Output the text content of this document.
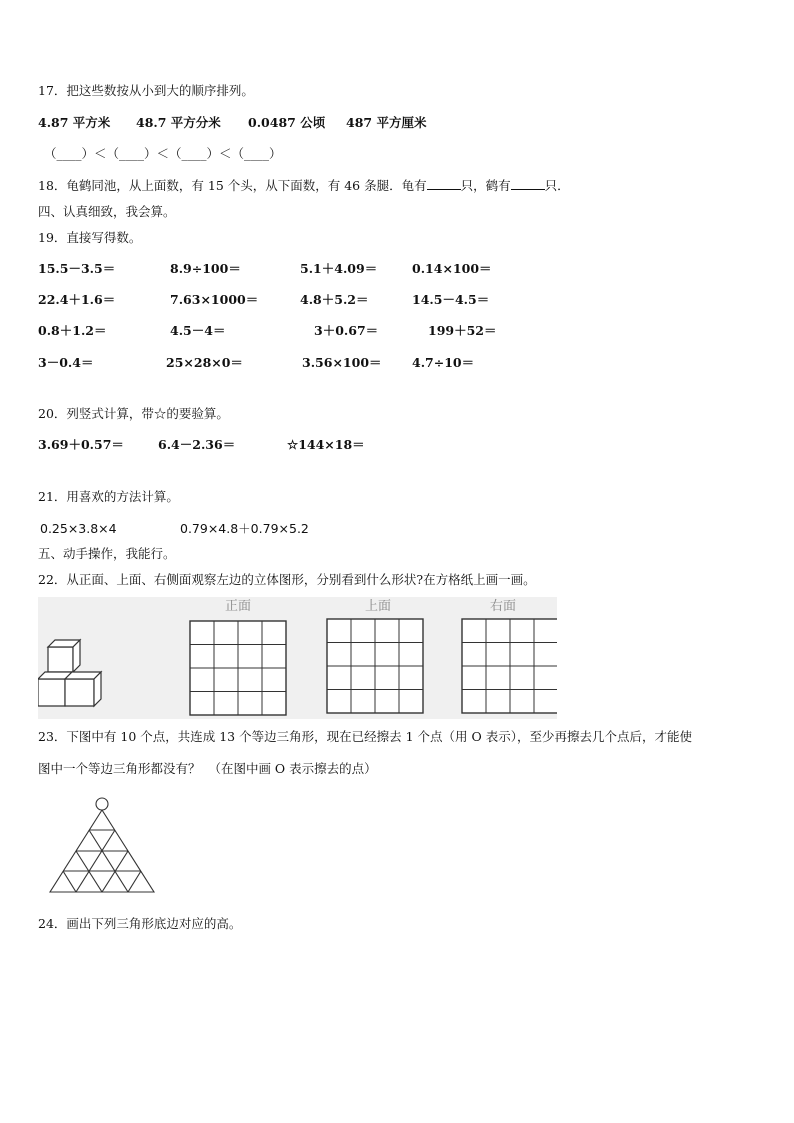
17．把这些数按从小到大的顺序排列。
4.87 平方米 48.7 平方分米 0.0487 公顷 487 平方厘米
（____）＜（____）＜（____）＜（____）
18．龟鹤同池，从上面数，有 15 个头，从下面数，有 46 条腿．龟有	只，鹤有	只．
四、认真细致，我会算。
19．直接写得数。
15.5－3.5＝	8.9÷100＝	5.1＋4.09＝	0.14×100＝
22.4＋1.6＝	7.63×1000＝	4.8＋5.2＝	14.5－4.5＝
0.8＋1.2＝	4.5－4＝	3＋0.67＝	199＋52＝
3－0.4＝	25×28×0＝	3.56×100＝ 4.7÷10＝
20．列竖式计算，带☆的要验算。
3.69＋0.57＝	6.4－2.36＝	☆144×18＝
21．用喜欢的方法计算。
0.25×3.8×4	0.79×4.8＋0.79×5.2
五、动手操作，我能行。
22．从正面、上面、右侧面观察左边的立体图形，分别看到什么形状?在方格纸上画一画。
正面	上面	右面
23．下图中有 10 个点，共连成 13 个等边三角形，现在已经擦去 1 个点（用 O 表示），至少再擦去几个点后，才能使
图中一个等边三角形都没有？  （在图中画 O 表示擦去的点）
24．画出下列三角形底边对应的高。
